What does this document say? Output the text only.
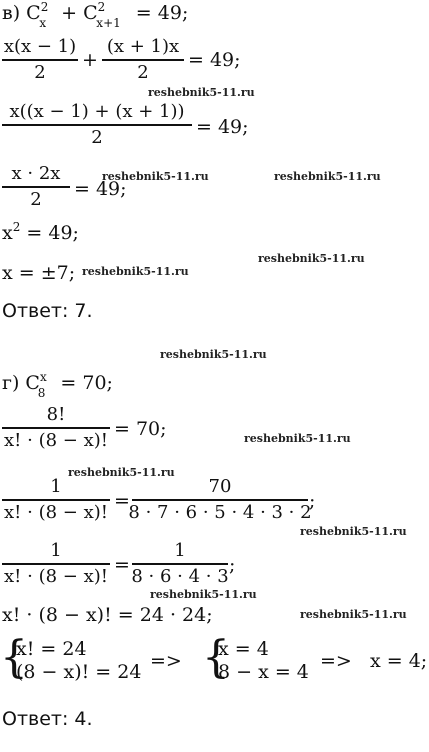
в) $C^2_x + C^2_{x+1} = 49$;
x(x − 1)
2
+
(x + 1)x
2
= 49;
x((x − 1) + (x + 1))
2	= 49;
x · 2x
2 = 49;
$x^2 = 49$;
x = ±7;
Ответ: 7.
г) $C^x_8 = 70$;
8!
x! · (8 − x)! = 70;
1
x! · (8 − x)! =
70
8 · 7 · 6 · 5 · 4 · 3 · 2
;
1
x! · (8 − x)! =
1
8 · 6 · 4 · 3 ;
x! · (8 − x)! = 24 · 24;
{
x! = 24
(8 − x)! = 24 => {
x = 4
8 − x = 4 => x = 4;
Ответ: 4.
reshebnik5-11.ru
reshebnik5-11.ru	reshebnik5-11.ru
reshebnik5-11.ru
reshebnik5-11.ru
reshebnik5-11.ru
reshebnik5-11.ru
reshebnik5-11.ru
reshebnik5-11.ru
reshebnik5-11.ru
reshebnik5-11.ru
